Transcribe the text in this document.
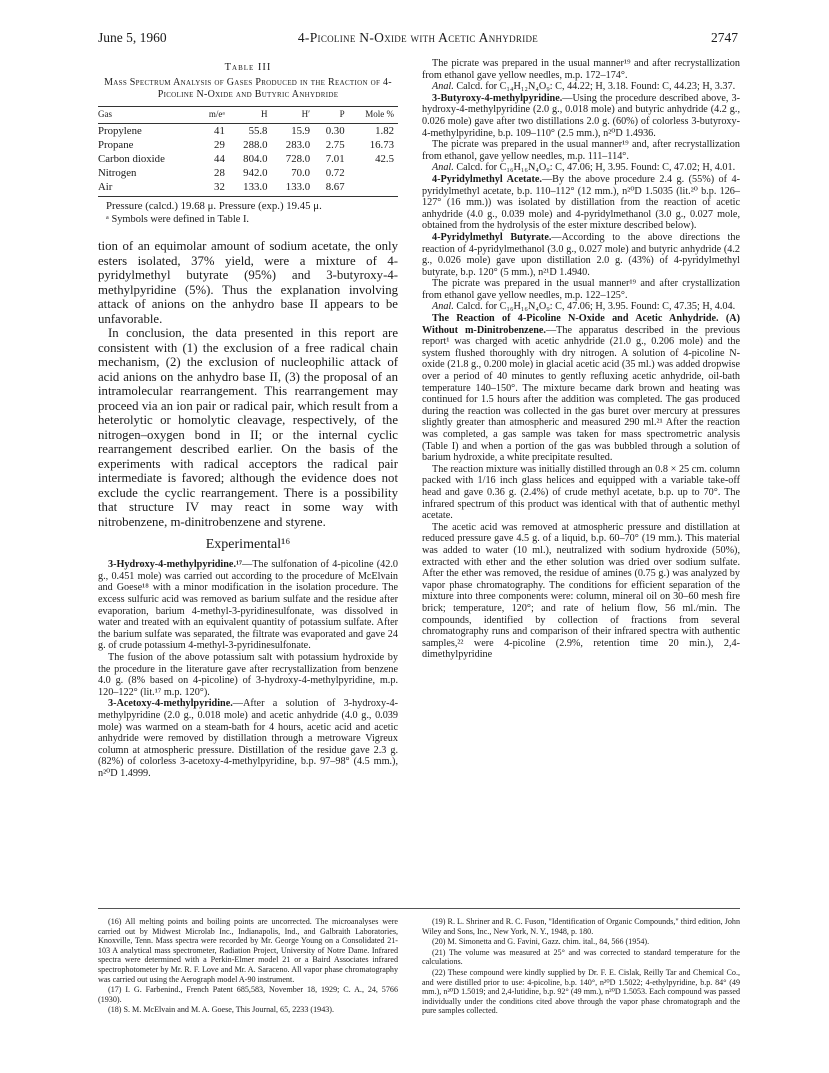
June 5, 1960	4-Picoline N-Oxide with Acetic Anhydride	2747
Table III
Mass Spectrum Analysis of Gases Produced in the Reaction of 4-Picoline N-Oxide and Butyric Anhydride
Gas	m/eᵃ	H	H′	P	Mole %
Propylene	41	55.8	15.9	0.30	1.82
Propane	29	288.0	283.0	2.75	16.73
Carbon dioxide	44	804.0	728.0	7.01	42.5
Nitrogen	28	942.0	70.0	0.72	
Air	32	133.0	133.0	8.67	
Pressure (calcd.) 19.68 μ. Pressure (exp.) 19.45 μ.
ᵃ Symbols were defined in Table I.

tion of an equimolar amount of sodium acetate, the only esters isolated, 37% yield, were a mixture of 4-pyridylmethyl butyrate (95%) and 3-butyroxy-4-methylpyridine (5%). Thus the explanation involving attack of anions on the anhydro base II appears to be unfavorable.

In conclusion, the data presented in this report are consistent with (1) the exclusion of a free radical chain mechanism, (2) the exclusion of nucleophilic attack of acid anions on the anhydro base II, (3) the proposal of an intramolecular rearrangement. This rearrangement may proceed via an ion pair or radical pair, which result from a heterolytic or homolytic cleavage, respectively, of the nitrogen–oxygen bond in II; or the internal cyclic rearrangement described earlier. On the basis of the experiments with radical acceptors the radical pair intermediate is favored; although the evidence does not exclude the cyclic rearrangement. There is a possibility that structure IV may react in some way with nitrobenzene, m-dinitrobenzene and styrene.

Experimental¹⁶

3-Hydroxy-4-methylpyridine.¹⁷—The sulfonation of 4-picoline (42.0 g., 0.451 mole) was carried out according to the procedure of McElvain and Goese¹⁸ with a minor modification in the isolation procedure. The excess sulfuric acid was removed as barium sulfate and the residue after evaporation, barium 4-methyl-3-pyridinesulfonate, was dissolved in water and treated with an equivalent quantity of potassium sulfate. After the barium sulfate was separated, the filtrate was evaporated and gave 24 g. of crude potassium 4-methyl-3-pyridinesulfonate.

The fusion of the above potassium salt with potassium hydroxide by the procedure in the literature gave after recrystallization from benzene 4.0 g. (8% based on 4-picoline) of 3-hydroxy-4-methylpyridine, m.p. 120–122° (lit.¹⁷ m.p. 120°).

3-Acetoxy-4-methylpyridine.—After a solution of 3-hydroxy-4-methylpyridine (2.0 g., 0.018 mole) and acetic anhydride (4.0 g., 0.039 mole) was warmed on a steam-bath for 4 hours, acetic acid and acetic anhydride were removed by distillation through a metroware Vigreux column at atmospheric pressure. Distillation of the residue gave 2.3 g. (82%) of colorless 3-acetoxy-4-methylpyridine, b.p. 97–98° (4.5 mm.), n²⁰D 1.4999.

The picrate was prepared in the usual manner¹⁹ and after recrystallization from ethanol gave yellow needles, m.p. 172–174°.

Anal. Calcd. for C₁₄H₁₂N₄O₉: C, 44.22; H, 3.18. Found: C, 44.23; H, 3.37.

3-Butyroxy-4-methylpyridine.—Using the procedure described above, 3-hydroxy-4-methylpyridine (2.0 g., 0.018 mole) and butyric anhydride (4.2 g., 0.026 mole) gave after two distillations 2.0 g. (60%) of colorless 3-butyroxy-4-methylpyridine, b.p. 109–110° (2.5 mm.), n²⁰D 1.4936.

The picrate was prepared in the usual manner¹⁹ and, after recrystallization from ethanol, gave yellow needles, m.p. 111–114°.

Anal. Calcd. for C₁₆H₁₆N₄O₉: C, 47.06; H, 3.95. Found: C, 47.02; H, 4.01.

4-Pyridylmethyl Acetate.—By the above procedure 2.4 g. (55%) of 4-pyridylmethyl acetate, b.p. 110–112° (12 mm.), n²⁰D 1.5035 (lit.²⁰ b.p. 126–127° (16 mm.)) was isolated by distillation from the reaction of acetic anhydride (4.0 g., 0.039 mole) and 4-pyridylmethanol (3.0 g., 0.027 mole, obtained from the hydrolysis of the ester mixture described below).

4-Pyridylmethyl Butyrate.—According to the above directions the reaction of 4-pyridylmethanol (3.0 g., 0.027 mole) and butyric anhydride (4.2 g., 0.026 mole) gave upon distillation 2.0 g. (43%) of 4-pyridylmethyl butyrate, b.p. 120° (5 mm.), n²¹D 1.4940.

The picrate was prepared in the usual manner¹⁹ and after crystallization from ethanol gave yellow needles, m.p. 122–125°.

Anal. Calcd. for C₁₆H₁₆N₄O₉: C, 47.06; H, 3.95. Found: C, 47.35; H, 4.04.

The Reaction of 4-Picoline N-Oxide and Acetic Anhydride. (A) Without m-Dinitrobenzene.—The apparatus described in the previous report¹ was charged with acetic anhydride (21.0 g., 0.206 mole) and the system flushed thoroughly with dry nitrogen. A solution of 4-picoline N-oxide (21.8 g., 0.200 mole) in glacial acetic acid (35 ml.) was added dropwise over a period of 40 minutes to gently refluxing acetic anhydride, oil-bath temperature 140–150°. The mixture became dark brown and heating was continued for 1.5 hours after the addition was completed. The gas produced during the reaction was collected in the gas buret over mercury at pressures slightly greater than atmospheric and measured 290 ml.²¹ After the reaction was completed, a gas sample was taken for mass spectrometric analysis (Table I) and when a portion of the gas was bubbled through a solution of barium hydroxide, a white precipitate resulted.

The reaction mixture was initially distilled through an 0.8 × 25 cm. column packed with 1/16 inch glass helices and equipped with a variable take-off head and gave 0.36 g. (2.4%) of crude methyl acetate, b.p. up to 70°. The infrared spectrum of this product was identical with that of authentic methyl acetate.

The acetic acid was removed at atmospheric pressure and distillation at reduced pressure gave 4.5 g. of a liquid, b.p. 60–70° (19 mm.). This material was added to water (10 ml.), neutralized with sodium hydroxide (50%), extracted with ether and the ether solution was dried over sodium sulfate. After the ether was removed, the residue of amines (0.75 g.) was analyzed by vapor phase chromatography. The conditions for efficient separation of the mixture into three components were: column, mineral oil on 30–60 mesh fire brick; temperature, 120°; and rate of helium flow, 56 ml./min. The compounds, identified by collection of fractions from several chromatography runs and comparison of their infrared spectra with authentic samples,²² were 4-picoline (2.9%, retention time 20 min.), 2,4-dimethylpyridine

(16) All melting points and boiling points are uncorrected. The microanalyses were carried out by Midwest Microlab Inc., Indianapolis, Ind., and Galbraith Laboratories, Knoxville, Tenn. Mass spectra were recorded by Mr. George Young on a Consolidated 21-103 A analytical mass spectrometer, Radiation Project, University of Notre Dame. Infrared spectra were determined with a Perkin-Elmer model 21 or a Baird Associates infrared spectrophotometer by Mr. R. F. Love and Mr. A. Saraceno. All vapor phase chromatography was carried out using the Aerograph model A-90 instrument.

(17) I. G. Farbenind., French Patent 685,583, November 18, 1929; C. A., 24, 5766 (1930).

(18) S. M. McElvain and M. A. Goese, This Journal, 65, 2233 (1943).

(19) R. L. Shriner and R. C. Fuson, "Identification of Organic Compounds," third edition, John Wiley and Sons, Inc., New York, N. Y., 1948, p. 180.

(20) M. Simonetta and G. Favini, Gazz. chim. ital., 84, 566 (1954).

(21) The volume was measured at 25° and was corrected to standard temperature for the calculations.

(22) These compound were kindly supplied by Dr. F. E. Cislak, Reilly Tar and Chemical Co., and were distilled prior to use: 4-picoline, b.p. 140°, n²⁰D 1.5022; 4-ethylpyridine, b.p. 84° (49 mm.), n²⁰D 1.5019; and 2,4-lutidine, b.p. 92° (49 mm.), n²⁰D 1.5053. Each compound was passed individually under the conditions cited above through the vapor phase chromatograph and the pure samples collected.
